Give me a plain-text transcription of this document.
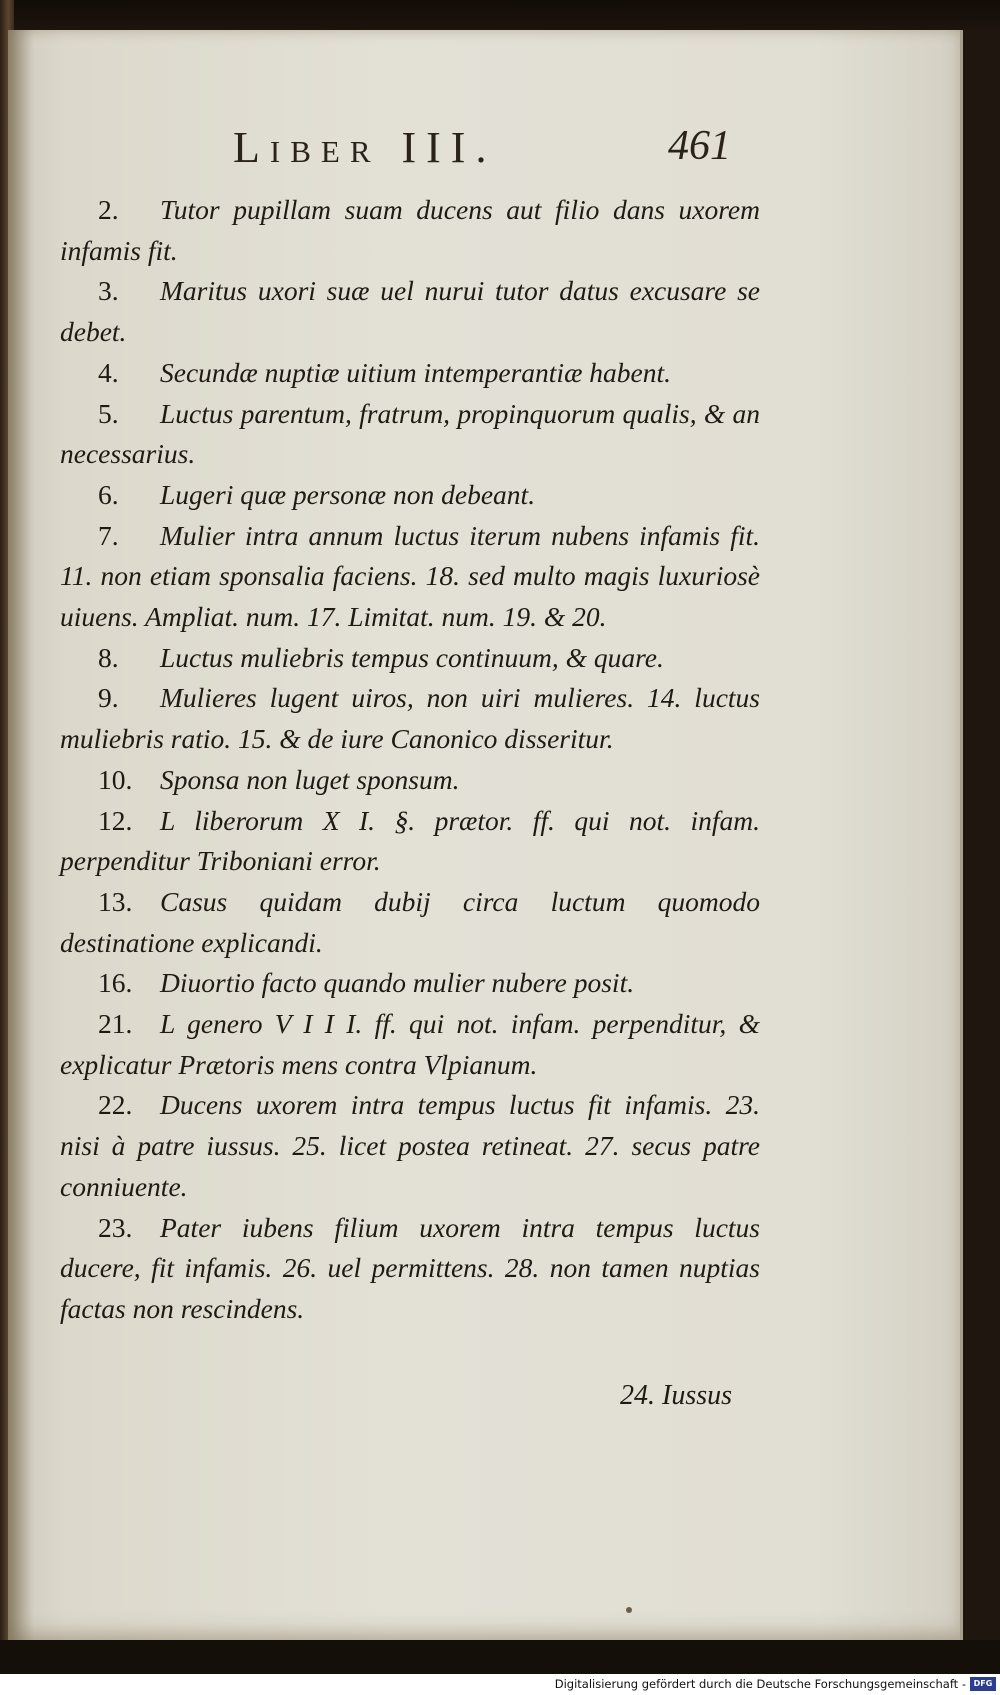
Liber III.	461

2. Tutor pupillam suam ducens aut filio dans uxorem infamis fit.

3. Maritus uxori suæ uel nurui tutor datus excusare se debet.

4. Secundæ nuptiæ uitium intemperantiæ habent.

5. Luctus parentum, fratrum, propinquorum qualis, & an necessarius.

6. Lugeri quæ personæ non debeant.

7. Mulier intra annum luctus iterum nubens infamis fit. 11. non etiam sponsalia faciens. 18. sed multo magis luxuriosè uiuens. Ampliat. num. 17. Limitat. num. 19. & 20.

8. Luctus muliebris tempus continuum, & quare.

9. Mulieres lugent uiros, non uiri mulieres. 14. luctus muliebris ratio. 15. & de iure Canonico disseritur.

10. Sponsa non luget sponsum.

12. L liberorum X I. §. prætor. ff. qui not. infam. perpenditur Triboniani error.

13. Casus quidam dubij circa luctum quomodo destinatione explicandi.

16. Diuortio facto quando mulier nubere posit.

21. L genero V I I I. ff. qui not. infam. perpenditur, & explicatur Prætoris mens contra Vlpianum.

22. Ducens uxorem intra tempus luctus fit infamis. 23. nisi à patre iussus. 25. licet postea retineat. 27. secus patre conniuente.

23. Pater iubens filium uxorem intra tempus luctus ducere, fit infamis. 26. uel permittens. 28. non tamen nuptias factas non rescindens.

24. Iussus
Digitalisierung gefördert durch die Deutsche Forschungsgemeinschaft - DFG
